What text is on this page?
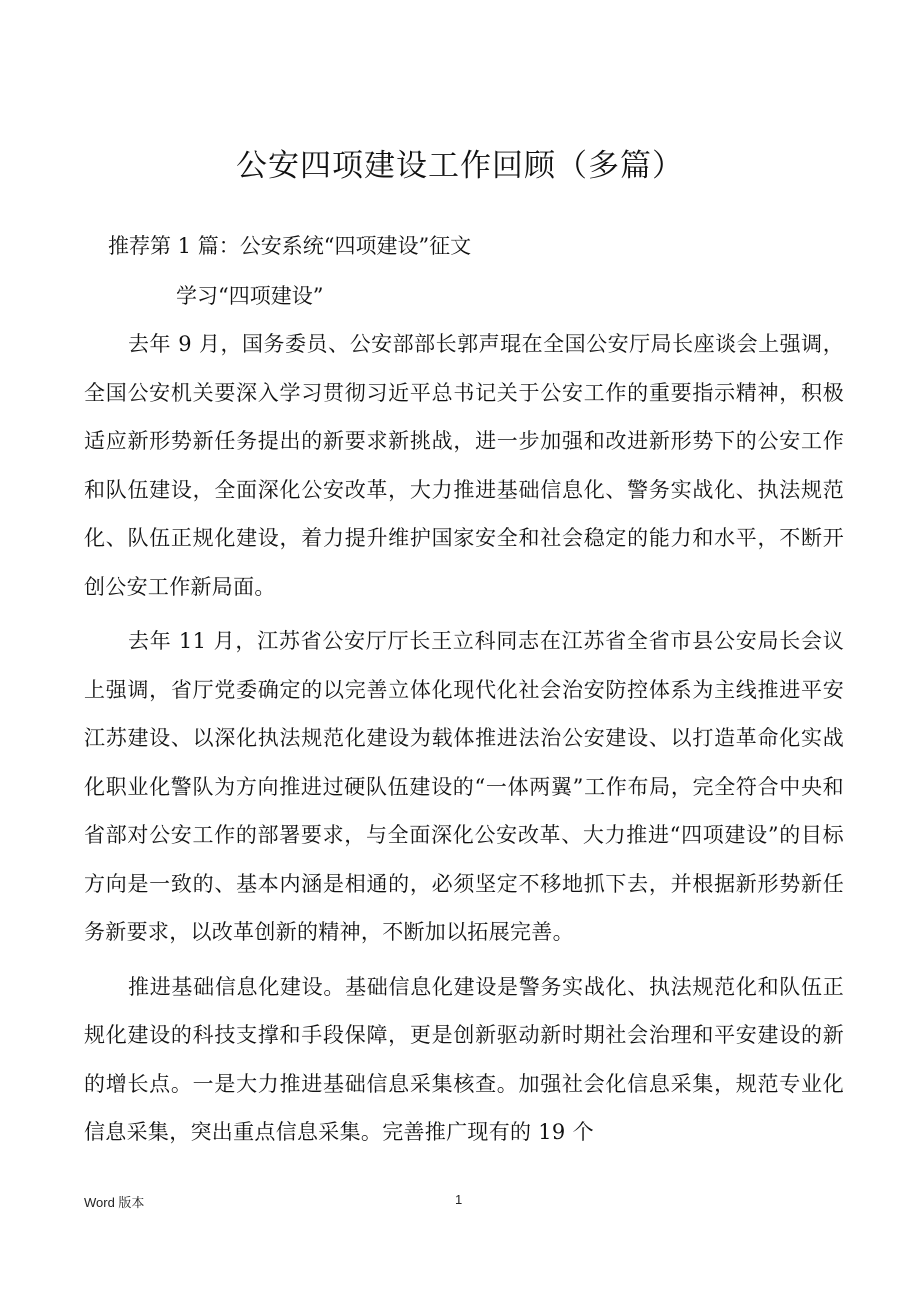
公安四项建设工作回顾（多篇）

推荐第 1 篇：公安系统“四项建设”征文

学习“四项建设”

去年 9 月，国务委员、公安部部长郭声琨在全国公安厅局长座谈会上强调，全国公安机关要深入学习贯彻习近平总书记关于公安工作的重要指示精神，积极适应新形势新任务提出的新要求新挑战，进一步加强和改进新形势下的公安工作和队伍建设，全面深化公安改革，大力推进基础信息化、警务实战化、执法规范化、队伍正规化建设，着力提升维护国家安全和社会稳定的能力和水平，不断开创公安工作新局面。

去年 11 月，江苏省公安厅厅长王立科同志在江苏省全省市县公安局长会议上强调，省厅党委确定的以完善立体化现代化社会治安防控体系为主线推进平安江苏建设、以深化执法规范化建设为载体推进法治公安建设、以打造革命化实战化职业化警队为方向推进过硬队伍建设的“一体两翼”工作布局，完全符合中央和省部对公安工作的部署要求，与全面深化公安改革、大力推进“四项建设”的目标方向是一致的、基本内涵是相通的，必须坚定不移地抓下去，并根据新形势新任务新要求，以改革创新的精神，不断加以拓展完善。

推进基础信息化建设。基础信息化建设是警务实战化、执法规范化和队伍正规化建设的科技支撑和手段保障，更是创新驱动新时期社会治理和平安建设的新的增长点。一是大力推进基础信息采集核查。加强社会化信息采集，规范专业化信息采集，突出重点信息采集。完善推广现有的 19 个

Word 版本	1
